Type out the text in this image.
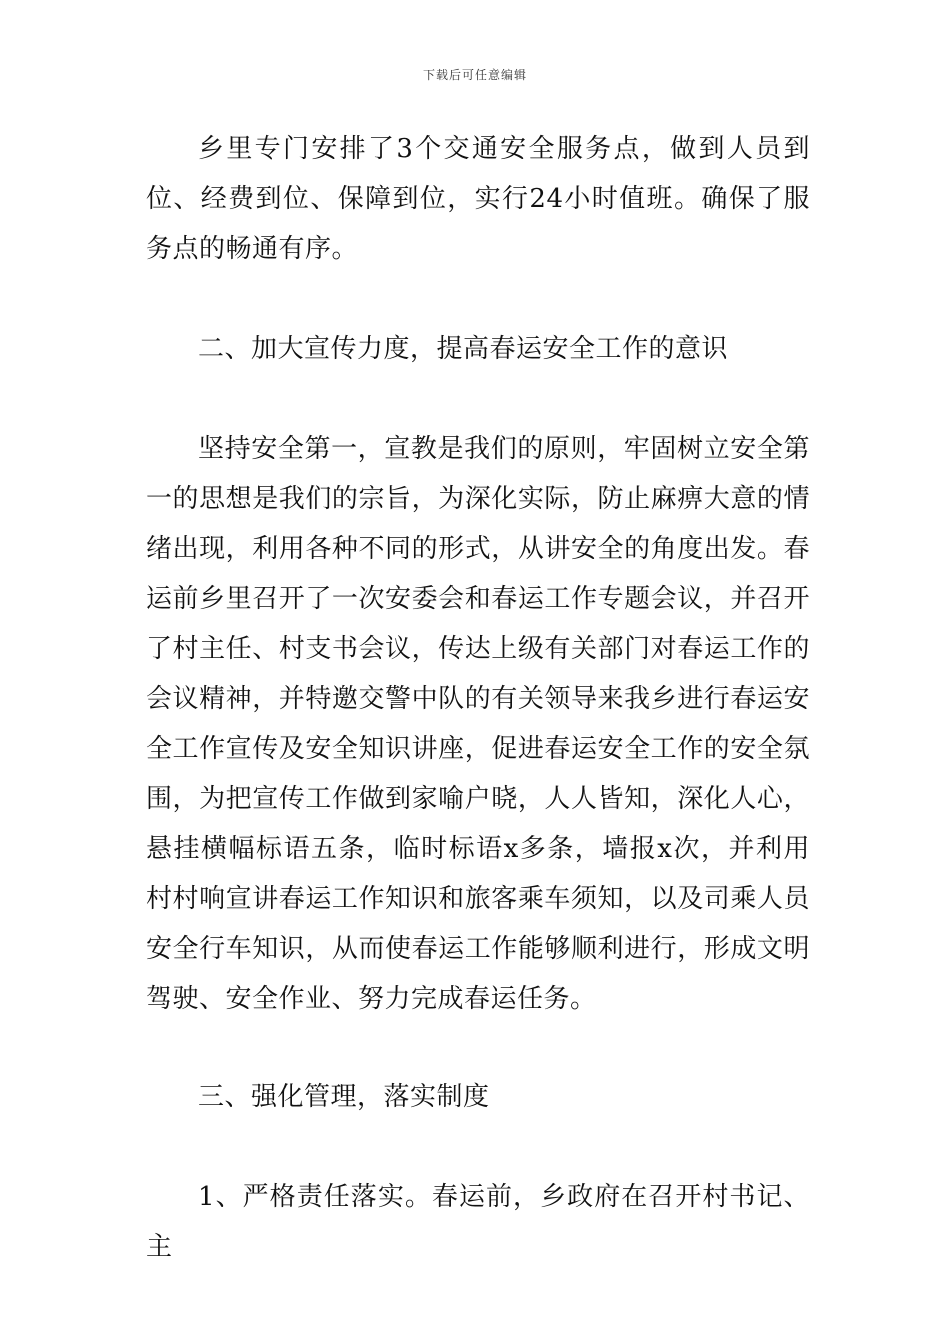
下载后可任意编辑

乡里专门安排了3个交通安全服务点，做到人员到位、经费到位、保障到位，实行24小时值班。确保了服务点的畅通有序。

二、加大宣传力度，提高春运安全工作的意识

坚持安全第一，宣教是我们的原则，牢固树立安全第一的思想是我们的宗旨，为深化实际，防止麻痹大意的情绪出现，利用各种不同的形式，从讲安全的角度出发。春运前乡里召开了一次安委会和春运工作专题会议，并召开了村主任、村支书会议，传达上级有关部门对春运工作的会议精神，并特邀交警中队的有关领导来我乡进行春运安全工作宣传及安全知识讲座，促进春运安全工作的安全氛围，为把宣传工作做到家喻户晓，人人皆知，深化人心，悬挂横幅标语五条，临时标语x多条，墙报x次，并利用村村响宣讲春运工作知识和旅客乘车须知，以及司乘人员安全行车知识，从而使春运工作能够顺利进行，形成文明驾驶、安全作业、努力完成春运任务。

三、强化管理，落实制度

1、严格责任落实。春运前，乡政府在召开村书记、主
